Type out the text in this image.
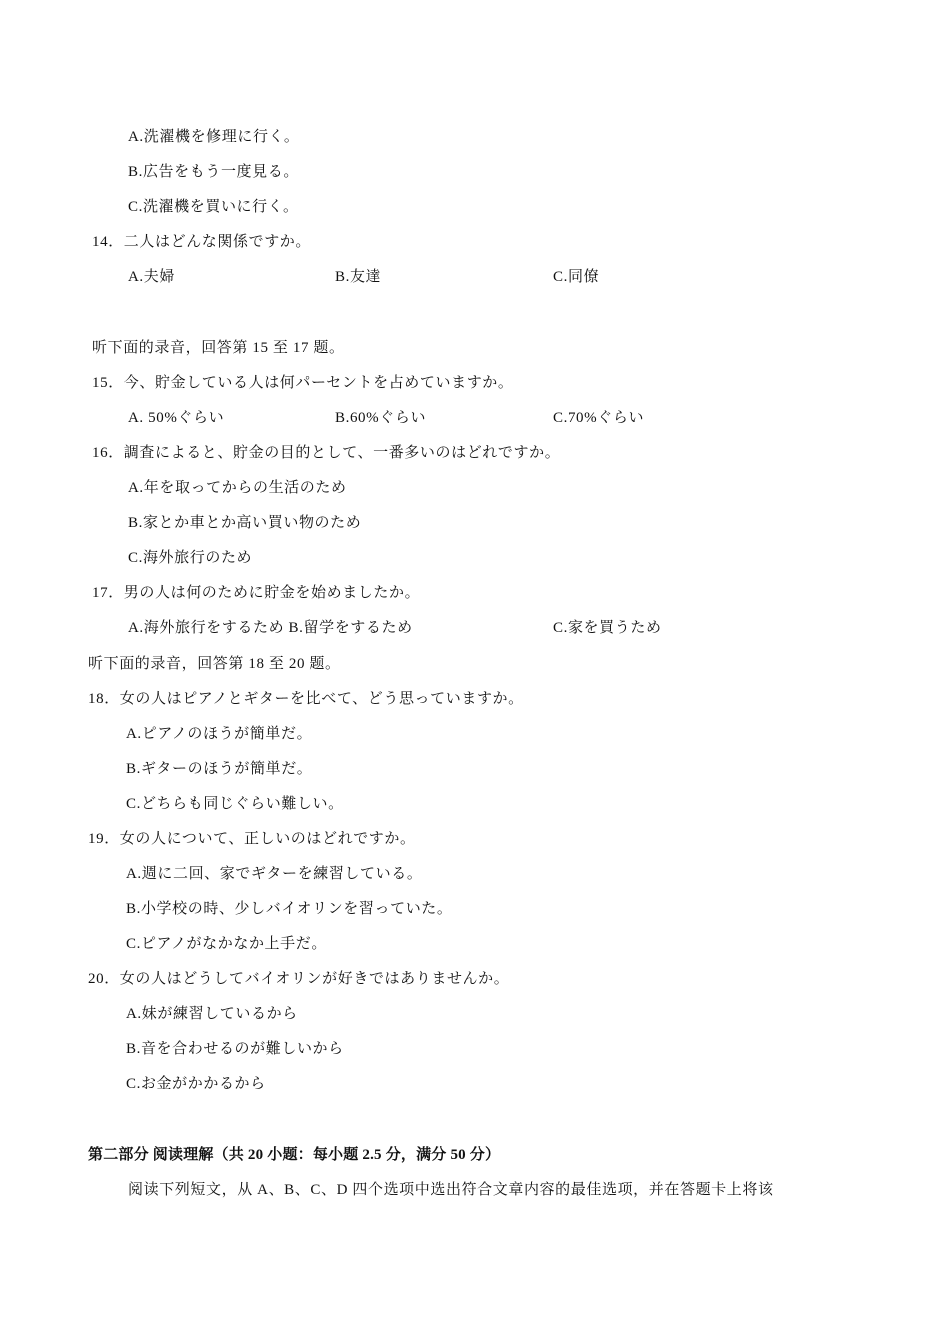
A.洗濯機を修理に行く。
B.広告をもう一度見る。
C.洗濯機を買いに行く。
14．二人はどんな関係ですか。
A.夫婦	B.友達	C.同僚
听下面的录音，回答第 15 至 17 题。
15．今、貯金している人は何パーセントを占めていますか。
A. 50%ぐらい	B.60%ぐらい	C.70%ぐらい
16．調査によると、貯金の目的として、一番多いのはどれですか。
A.年を取ってからの生活のため
B.家とか車とか高い買い物のため
C.海外旅行のため
17．男の人は何のために貯金を始めましたか。
A.海外旅行をするため B.留学をするため	C.家を買うため
听下面的录音，回答第 18 至 20 题。
18．女の人はピアノとギターを比べて、どう思っていますか。
A.ピアノのほうが簡単だ。
B.ギターのほうが簡単だ。
C.どちらも同じぐらい難しい。
19．女の人について、正しいのはどれですか。
A.週に二回、家でギターを練習している。
B.小学校の時、少しバイオリンを習っていた。
C.ピアノがなかなか上手だ。
20．女の人はどうしてバイオリンが好きではありませんか。
A.妹が練習しているから
B.音を合わせるのが難しいから
C.お金がかかるから
第二部分 阅读理解（共 20 小题：每小题 2.5 分，满分 50 分）
阅读下列短文，从 A、B、C、D 四个选项中选出符合文章内容的最佳选项，并在答题卡上将该
